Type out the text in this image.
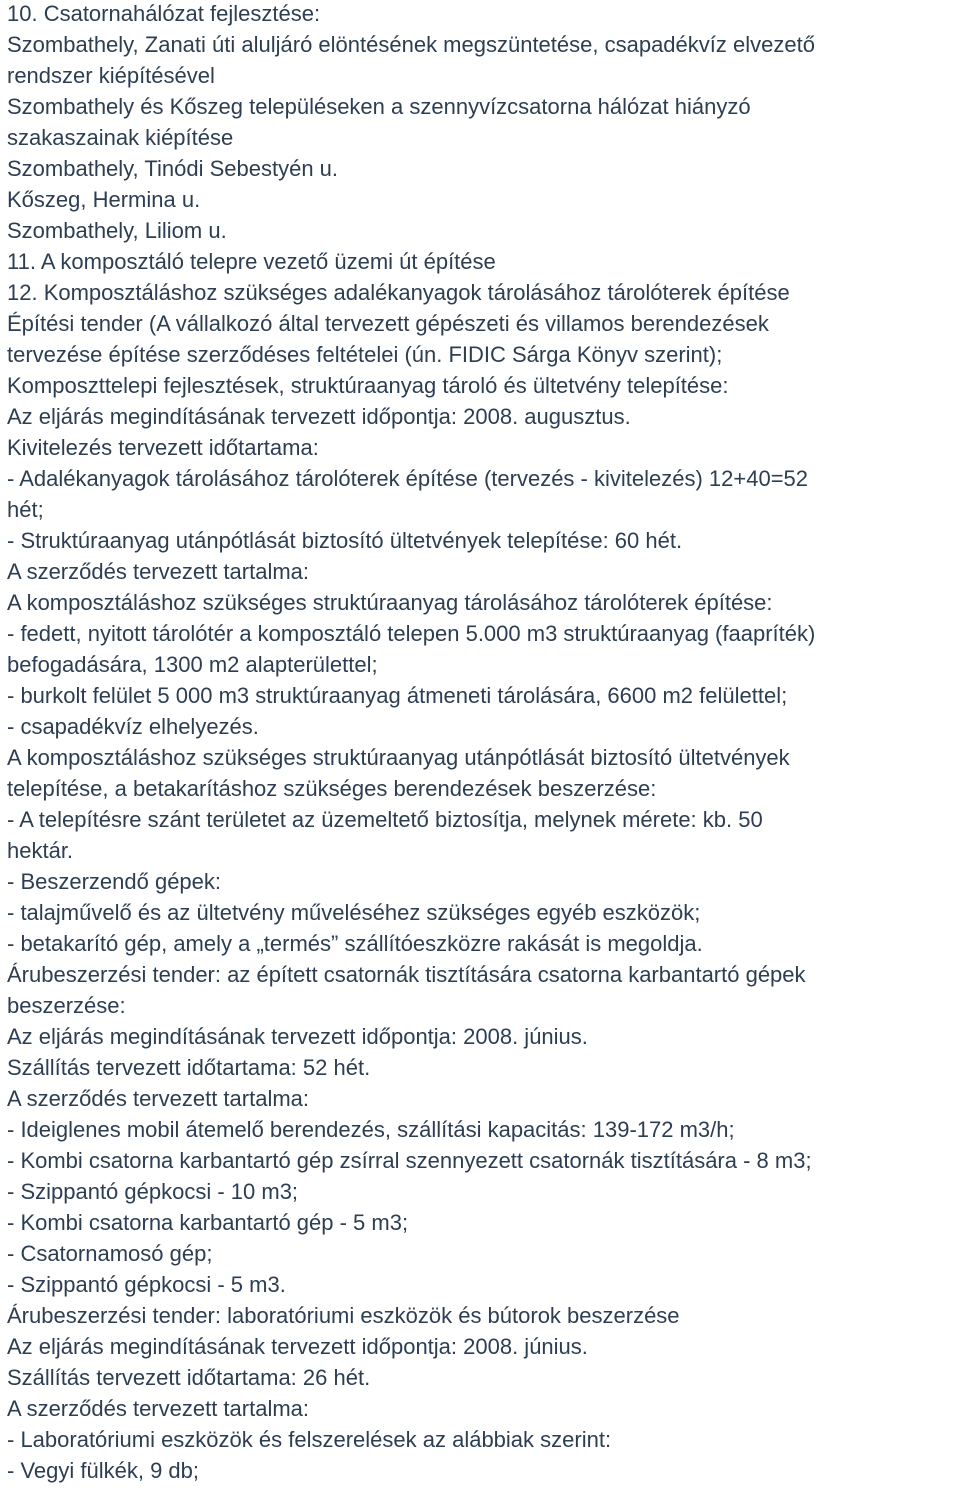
10. Csatornahálózat fejlesztése:

Szombathely, Zanati úti aluljáró elöntésének megszüntetése, csapadékvíz elvezető

rendszer kiépítésével

Szombathely és Kőszeg településeken a szennyvízcsatorna hálózat hiányzó

szakaszainak kiépítése

Szombathely, Tinódi Sebestyén u.

Kőszeg, Hermina u.

Szombathely, Liliom u.

11. A komposztáló telepre vezető üzemi út építése

12. Komposztáláshoz szükséges adalékanyagok tárolásához tárolóterek építése

Építési tender (A vállalkozó által tervezett gépészeti és villamos berendezések

tervezése építése szerződéses feltételei (ún. FIDIC Sárga Könyv szerint);

Komposzttelepi fejlesztések, struktúraanyag tároló és ültetvény telepítése:

Az eljárás megindításának tervezett időpontja: 2008. augusztus.

Kivitelezés tervezett időtartama:

- Adalékanyagok tárolásához tárolóterek építése (tervezés - kivitelezés) 12+40=52

hét;

- Struktúraanyag utánpótlását biztosító ültetvények telepítése: 60 hét.

A szerződés tervezett tartalma:

A komposztáláshoz szükséges struktúraanyag tárolásához tárolóterek építése:

- fedett, nyitott tárolótér a komposztáló telepen 5.000 m3 struktúraanyag (faapríték)

befogadására, 1300 m2 alapterülettel;

- burkolt felület 5 000 m3 struktúraanyag átmeneti tárolására, 6600 m2 felülettel;

- csapadékvíz elhelyezés.

A komposztáláshoz szükséges struktúraanyag utánpótlását biztosító ültetvények

telepítése, a betakarításhoz szükséges berendezések beszerzése:

- A telepítésre szánt területet az üzemeltető biztosítja, melynek mérete: kb. 50

hektár.

- Beszerzendő gépek:

- talajművelő és az ültetvény műveléséhez szükséges egyéb eszközök;

- betakarító gép, amely a „termés” szállítóeszközre rakását is megoldja.

Árubeszerzési tender: az épített csatornák tisztítására csatorna karbantartó gépek

beszerzése:

Az eljárás megindításának tervezett időpontja: 2008. június.

Szállítás tervezett időtartama: 52 hét.

A szerződés tervezett tartalma:

- Ideiglenes mobil átemelő berendezés, szállítási kapacitás: 139-172 m3/h;

- Kombi csatorna karbantartó gép zsírral szennyezett csatornák tisztítására - 8 m3;

- Szippantó gépkocsi - 10 m3;

- Kombi csatorna karbantartó gép - 5 m3;

- Csatornamosó gép;

- Szippantó gépkocsi - 5 m3.

Árubeszerzési tender: laboratóriumi eszközök és bútorok beszerzése

Az eljárás megindításának tervezett időpontja: 2008. június.

Szállítás tervezett időtartama: 26 hét.

A szerződés tervezett tartalma:

- Laboratóriumi eszközök és felszerelések az alábbiak szerint:

- Vegyi fülkék, 9 db;
